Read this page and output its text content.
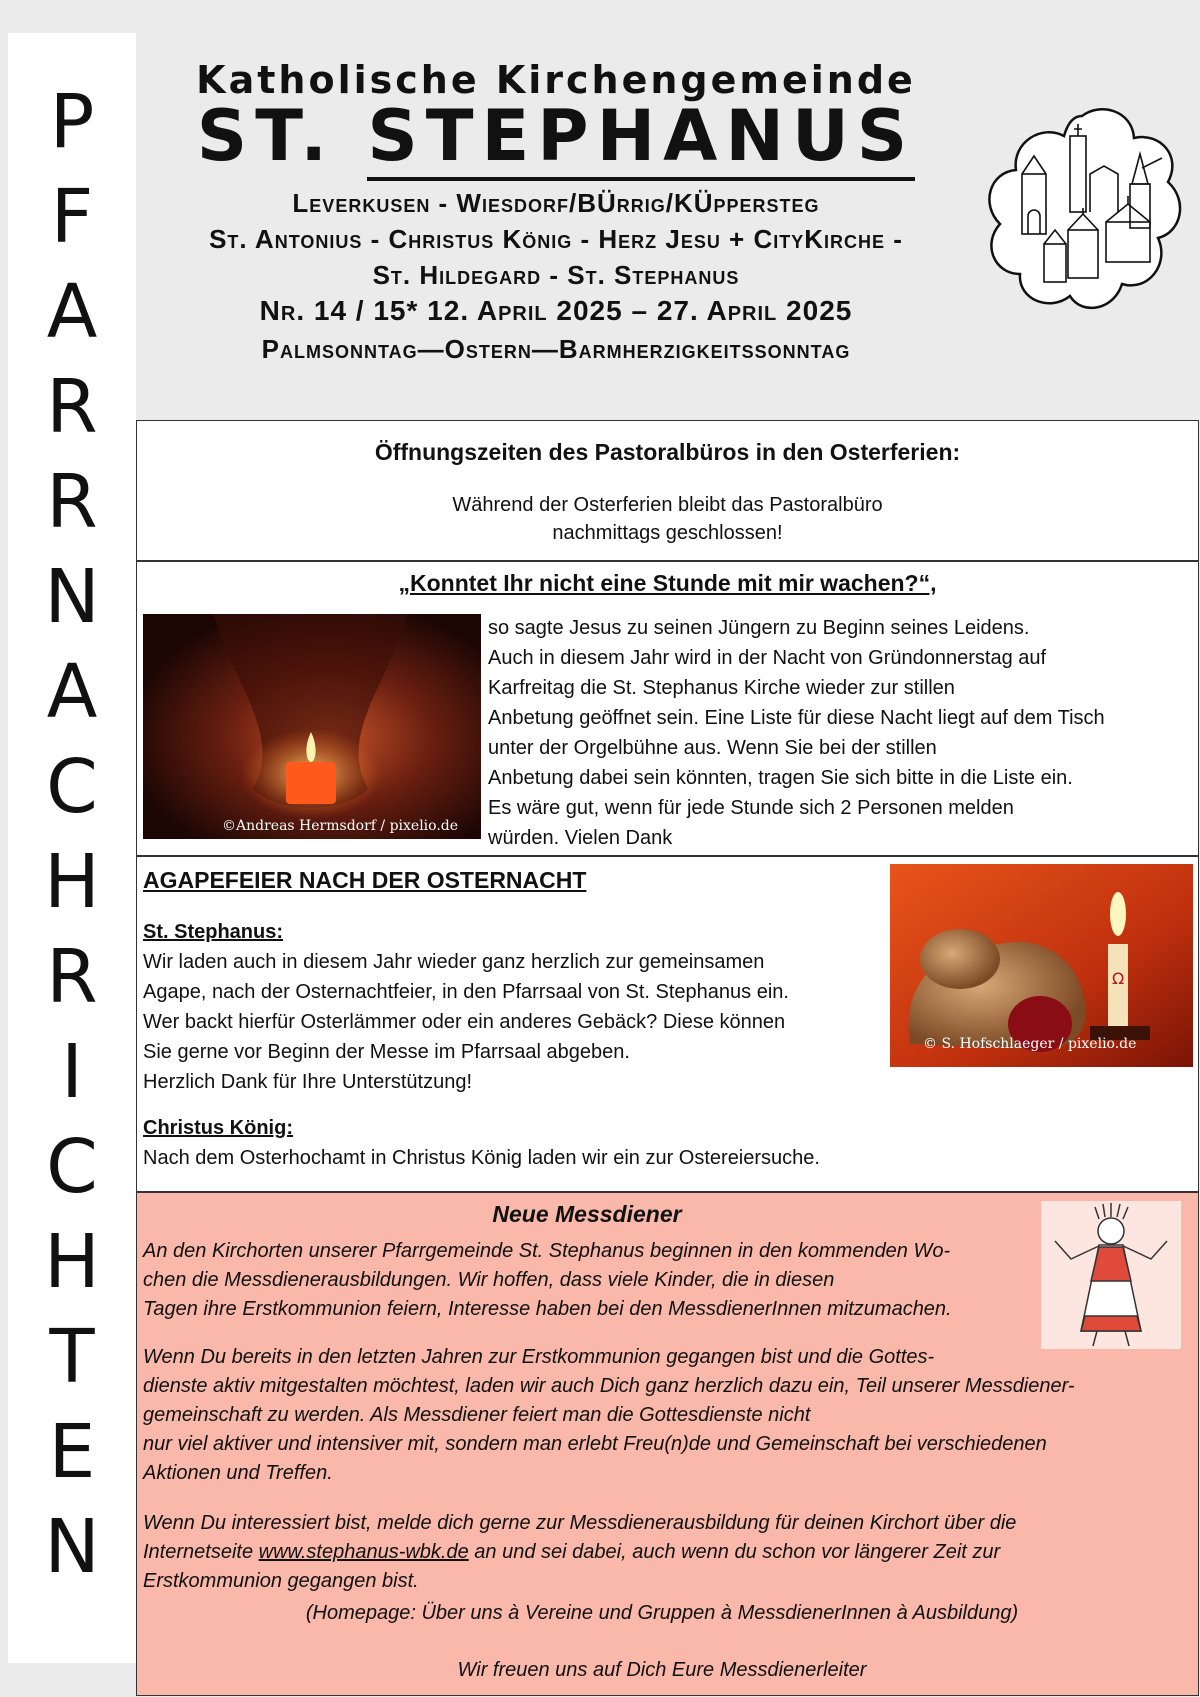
P
F
A
R
R
N
A
C
H
R
I
C
H
T
E
N
Katholische Kirchengemeinde
ST. STEPHANUS
Leverkusen - Wiesdorf/BÜrrig/KÜppersteg
St. Antonius - Christus König - Herz Jesu + CityKirche -
St. Hildegard - St. Stephanus
Nr. 14 / 15* 12. April 2025 – 27. April 2025
Palmsonntag—Ostern—Barmherzigkeitssonntag
Öffnungszeiten des Pastoralbüros in den Osterferien:
Während der Osterferien bleibt das Pastoralbüro
nachmittags geschlossen!
„Konntet Ihr nicht eine Stunde mit mir wachen?“,
©Andreas Hermsdorf / pixelio.de
so sagte Jesus zu seinen Jüngern zu Beginn seines Leidens.
Auch in diesem Jahr wird in der Nacht von Gründonnerstag auf
Karfreitag die St. Stephanus Kirche wieder zur stillen
Anbetung geöffnet sein. Eine Liste für diese Nacht liegt auf dem Tisch
unter der Orgelbühne aus. Wenn Sie bei der stillen
Anbetung dabei sein könnten, tragen Sie sich bitte in die Liste ein.
Es wäre gut, wenn für jede Stunde sich 2 Personen melden
würden. Vielen Dank
AGAPEFEIER NACH DER OSTERNACHT
St. Stephanus:
Wir laden auch in diesem Jahr wieder ganz herzlich zur gemeinsamen
Agape, nach der Osternachtfeier, in den Pfarrsaal von St. Stephanus ein.
Wer backt hierfür Osterlämmer oder ein anderes Gebäck? Diese können
Sie gerne vor Beginn der Messe im Pfarrsaal abgeben.
Herzlich Dank für Ihre Unterstützung!
Christus König:
Nach dem Osterhochamt in Christus König laden wir ein zur Ostereiersuche.
Ω
© S. Hofschlaeger / pixelio.de
Neue Messdiener
An den Kirchorten unserer Pfarrgemeinde St. Stephanus beginnen in den kommenden Wo-
chen die Messdienerausbildungen. Wir hoffen, dass viele Kinder, die in diesen
Tagen ihre Erstkommunion feiern, Interesse haben bei den MessdienerInnen mitzumachen.
Wenn Du bereits in den letzten Jahren zur Erstkommunion gegangen bist und die Gottes-
dienste aktiv mitgestalten möchtest, laden wir auch Dich ganz herzlich dazu ein, Teil unserer Messdiener-
gemeinschaft zu werden. Als Messdiener feiert man die Gottesdienste nicht
nur viel aktiver und intensiver mit, sondern man erlebt Freu(n)de und Gemeinschaft bei verschiedenen
Aktionen und Treffen.
Wenn Du interessiert bist, melde dich gerne zur Messdienerausbildung für deinen Kirchort über die
Internetseite www.stephanus-wbk.de an und sei dabei, auch wenn du schon vor längerer Zeit zur
Erstkommunion gegangen bist.
(Homepage: Über uns à Vereine und Gruppen à MessdienerInnen à Ausbildung)
Wir freuen uns auf Dich Eure Messdienerleiter
